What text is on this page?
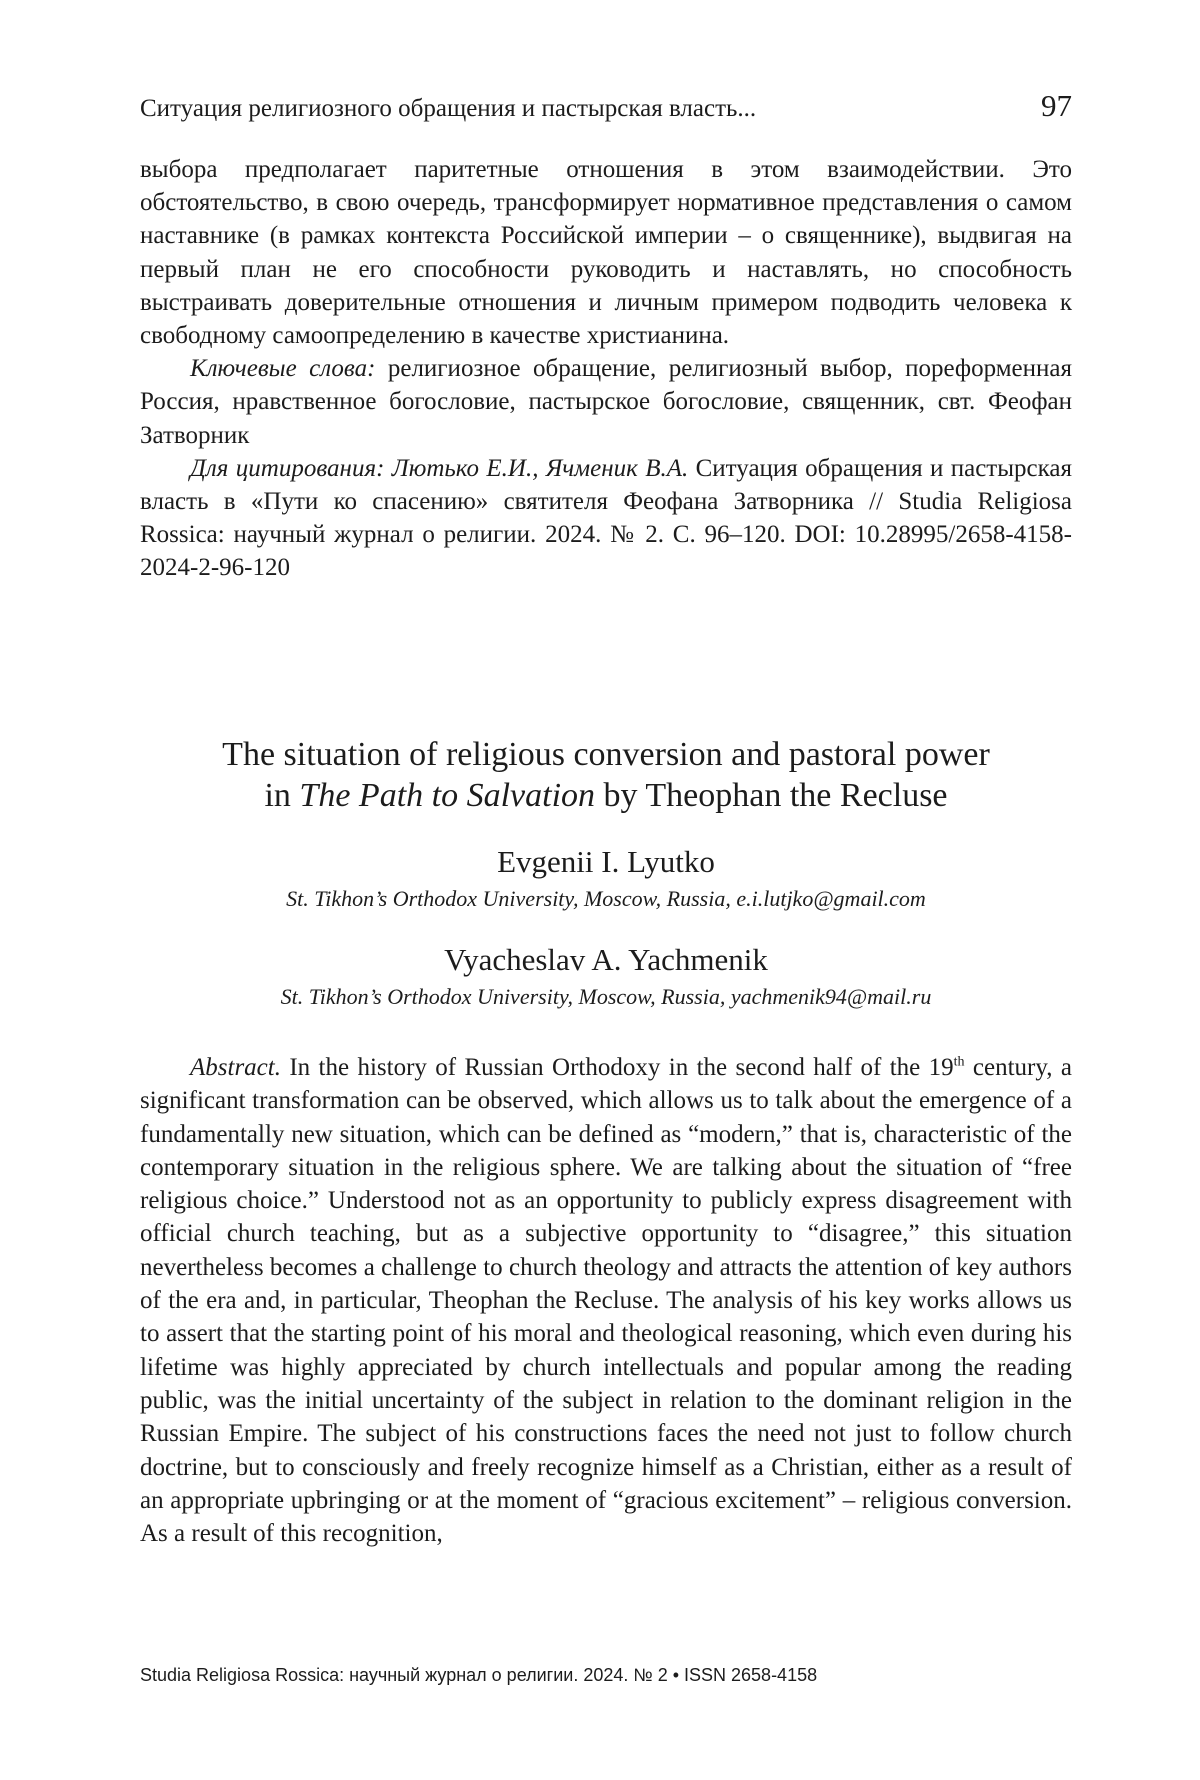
Ситуация религиозного обращения и пастырская власть...	97

выбора предполагает паритетные отношения в этом взаимодействии. Это обстоятельство, в свою очередь, трансформирует нормативное представления о самом наставнике (в рамках контекста Российской империи – о священнике), выдвигая на первый план не его способности руководить и наставлять, но способность выстраивать доверительные отношения и личным примером подводить человека к свободному самоопределению в качестве христианина.

Ключевые слова: религиозное обращение, религиозный выбор, пореформенная Россия, нравственное богословие, пастырское богословие, священник, свт. Феофан Затворник

Для цитирования: Лютько Е.И., Ячменик В.А. Ситуация обращения и пастырская власть в «Пути ко спасению» святителя Феофана Затворника // Studia Religiosa Rossica: научный журнал о религии. 2024. № 2. С. 96–120. DOI: 10.28995/2658-4158-2024-2-96-120

The situation of religious conversion and pastoral power
in The Path to Salvation by Theophan the Recluse
Evgenii I. Lyutko
St. Tikhon’s Orthodox University, Moscow, Russia, e.i.lutjko@gmail.com
Vyacheslav A. Yachmenik
St. Tikhon’s Orthodox University, Moscow, Russia, yachmenik94@mail.ru

Abstract. In the history of Russian Orthodoxy in the second half of the 19th century, a significant transformation can be observed, which allows us to talk about the emergence of a fundamentally new situation, which can be defined as “modern,” that is, characteristic of the contemporary situation in the religious sphere. We are talking about the situation of “free religious choice.” Understood not as an opportunity to publicly express disagreement with official church teaching, but as a subjective opportunity to “disagree,” this situation nevertheless becomes a challenge to church theology and attracts the attention of key authors of the era and, in particular, Theophan the Recluse. The analysis of his key works allows us to assert that the starting point of his moral and theological reasoning, which even during his lifetime was highly appreciated by church intellectuals and popular among the reading public, was the initial uncertainty of the subject in relation to the dominant religion in the Russian Empire. The subject of his constructions faces the need not just to follow church doctrine, but to consciously and freely recognize himself as a Christian, either as a result of an appropriate upbringing or at the moment of “gracious excitement” – religious conversion. As a result of this recognition,

Studia Religiosa Rossica: научный журнал о религии. 2024. № 2 • ISSN 2658-4158
